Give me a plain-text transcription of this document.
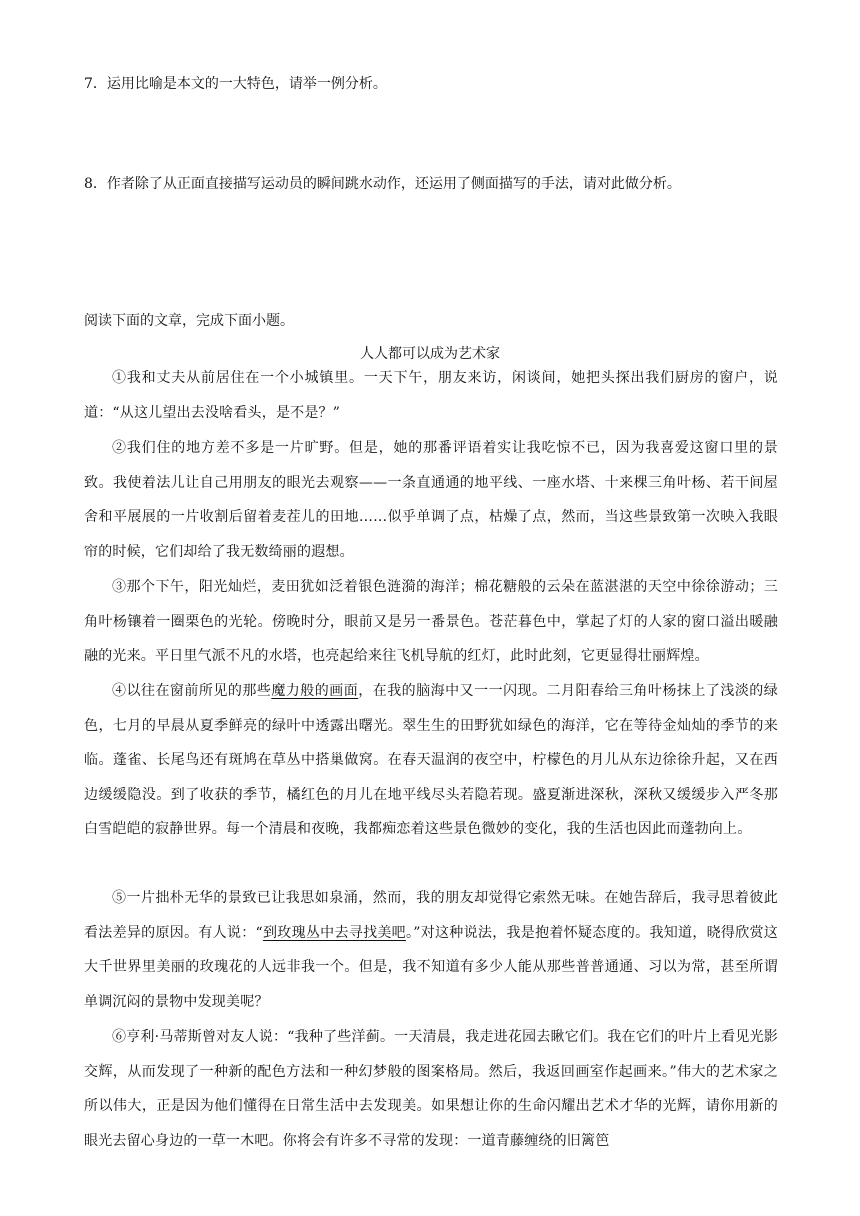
7．运用比喻是本文的一大特色，请举一例分析。
8．作者除了从正面直接描写运动员的瞬间跳水动作，还运用了侧面描写的手法，请对此做分析。
阅读下面的文章，完成下面小题。
人人都可以成为艺术家
①我和丈夫从前居住在一个小城镇里。一天下午，朋友来访，闲谈间，她把头探出我们厨房的窗户，说道：“从这儿望出去没啥看头，是不是？”
②我们住的地方差不多是一片旷野。但是，她的那番评语着实让我吃惊不已，因为我喜爱这窗口里的景致。我使着法儿让自己用朋友的眼光去观察——一条直通通的地平线、一座水塔、十来棵三角叶杨、若干间屋舍和平展展的一片收割后留着麦茬儿的田地……似乎单调了点，枯燥了点，然而，当这些景致第一次映入我眼帘的时候，它们却给了我无数绮丽的遐想。
③那个下午，阳光灿烂，麦田犹如泛着银色涟漪的海洋；棉花糖般的云朵在蓝湛湛的天空中徐徐游动；三角叶杨镶着一圈栗色的光轮。傍晚时分，眼前又是另一番景色。苍茫暮色中，掌起了灯的人家的窗口溢出暖融融的光来。平日里气派不凡的水塔，也亮起给来往飞机导航的红灯，此时此刻，它更显得壮丽辉煌。
④以往在窗前所见的那些魔力般的画面，在我的脑海中又一一闪现。二月阳春给三角叶杨抹上了浅淡的绿色，七月的早晨从夏季鲜亮的绿叶中透露出曙光。翠生生的田野犹如绿色的海洋，它在等待金灿灿的季节的来临。蓬雀、长尾鸟还有斑鸠在草丛中搭巢做窝。在春天温润的夜空中，柠檬色的月儿从东边徐徐升起，又在西边缓缓隐没。到了收获的季节，橘红色的月儿在地平线尽头若隐若现。盛夏渐进深秋，深秋又缓缓步入严冬那白雪皑皑的寂静世界。每一个清晨和夜晚，我都痴恋着这些景色微妙的变化，我的生活也因此而蓬勃向上。
⑤一片拙朴无华的景致已让我思如泉涌，然而，我的朋友却觉得它索然无味。在她告辞后，我寻思着彼此看法差异的原因。有人说：“到玫瑰丛中去寻找美吧。”对这种说法，我是抱着怀疑态度的。我知道，晓得欣赏这大千世界里美丽的玫瑰花的人远非我一个。但是，我不知道有多少人能从那些普普通通、习以为常，甚至所谓单调沉闷的景物中发现美呢？
⑥亨利·马蒂斯曾对友人说：“我种了些洋蓟。一天清晨，我走进花园去瞅它们。我在它们的叶片上看见光影交辉，从而发现了一种新的配色方法和一种幻梦般的图案格局。然后，我返回画室作起画来。”伟大的艺术家之所以伟大，正是因为他们懂得在日常生活中去发现美。如果想让你的生命闪耀出艺术才华的光辉，请你用新的眼光去留心身边的一草一木吧。你将会有许多不寻常的发现：一道青藤缠绕的旧篱笆
